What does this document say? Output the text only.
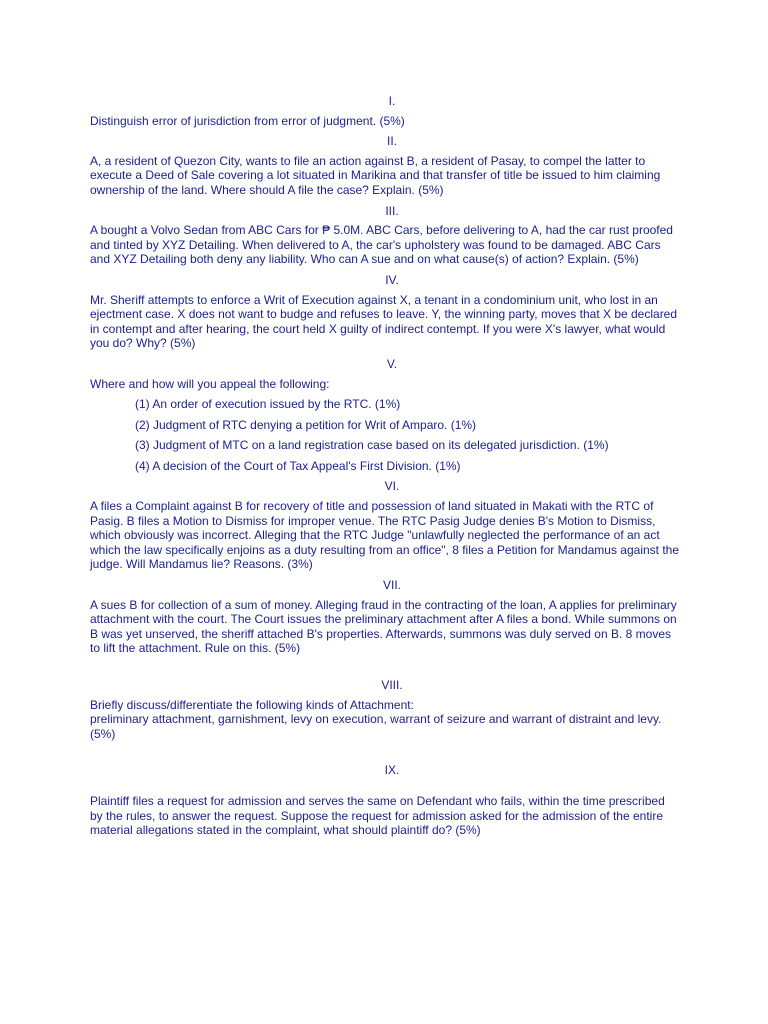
I.
Distinguish error of jurisdiction from error of judgment. (5%)
II.
A, a resident of Quezon City, wants to file an action against B, a resident of Pasay, to compel the latter to execute a Deed of Sale covering a lot situated in Marikina and that transfer of title be issued to him claiming ownership of the land. Where should A file the case? Explain. (5%)
III.
A bought a Volvo Sedan from ABC Cars for ₱ 5.0M. ABC Cars, before delivering to A, had the car rust proofed and tinted by XYZ Detailing. When delivered to A, the car's upholstery was found to be damaged. ABC Cars and XYZ Detailing both deny any liability. Who can A sue and on what cause(s) of action? Explain. (5%)
IV.
Mr. Sheriff attempts to enforce a Writ of Execution against X, a tenant in a condominium unit, who lost in an ejectment case. X does not want to budge and refuses to leave. Y, the winning party, moves that X be declared in contempt and after hearing, the court held X guilty of indirect contempt. If you were X's lawyer, what would you do? Why? (5%)
V.
Where and how will you appeal the following:
(1) An order of execution issued by the RTC. (1%)
(2) Judgment of RTC denying a petition for Writ of Amparo. (1%)
(3) Judgment of MTC on a land registration case based on its delegated jurisdiction. (1%)
(4) A decision of the Court of Tax Appeal's First Division. (1%)
VI.
A files a Complaint against B for recovery of title and possession of land situated in Makati with the RTC of Pasig. B files a Motion to Dismiss for improper venue. The RTC Pasig Judge denies B's Motion to Dismiss, which obviously was incorrect. Alleging that the RTC Judge "unlawfully neglected the performance of an act which the law specifically enjoins as a duty resulting from an office", 8 files a Petition for Mandamus against the judge. Will Mandamus lie? Reasons. (3%)
VII.
A sues B for collection of a sum of money. Alleging fraud in the contracting of the loan, A applies for preliminary attachment with the court. The Court issues the preliminary attachment after A files a bond. While summons on B was yet unserved, the sheriff attached B's properties. Afterwards, summons was duly served on B. 8 moves to lift the attachment. Rule on this. (5%)
VIII.
Briefly discuss/differentiate the following kinds of Attachment:
preliminary attachment, garnishment, levy on execution, warrant of seizure and warrant of distraint and levy. (5%)
IX.
Plaintiff files a request for admission and serves the same on Defendant who fails, within the time prescribed by the rules, to answer the request. Suppose the request for admission asked for the admission of the entire material allegations stated in the complaint, what should plaintiff do? (5%)
